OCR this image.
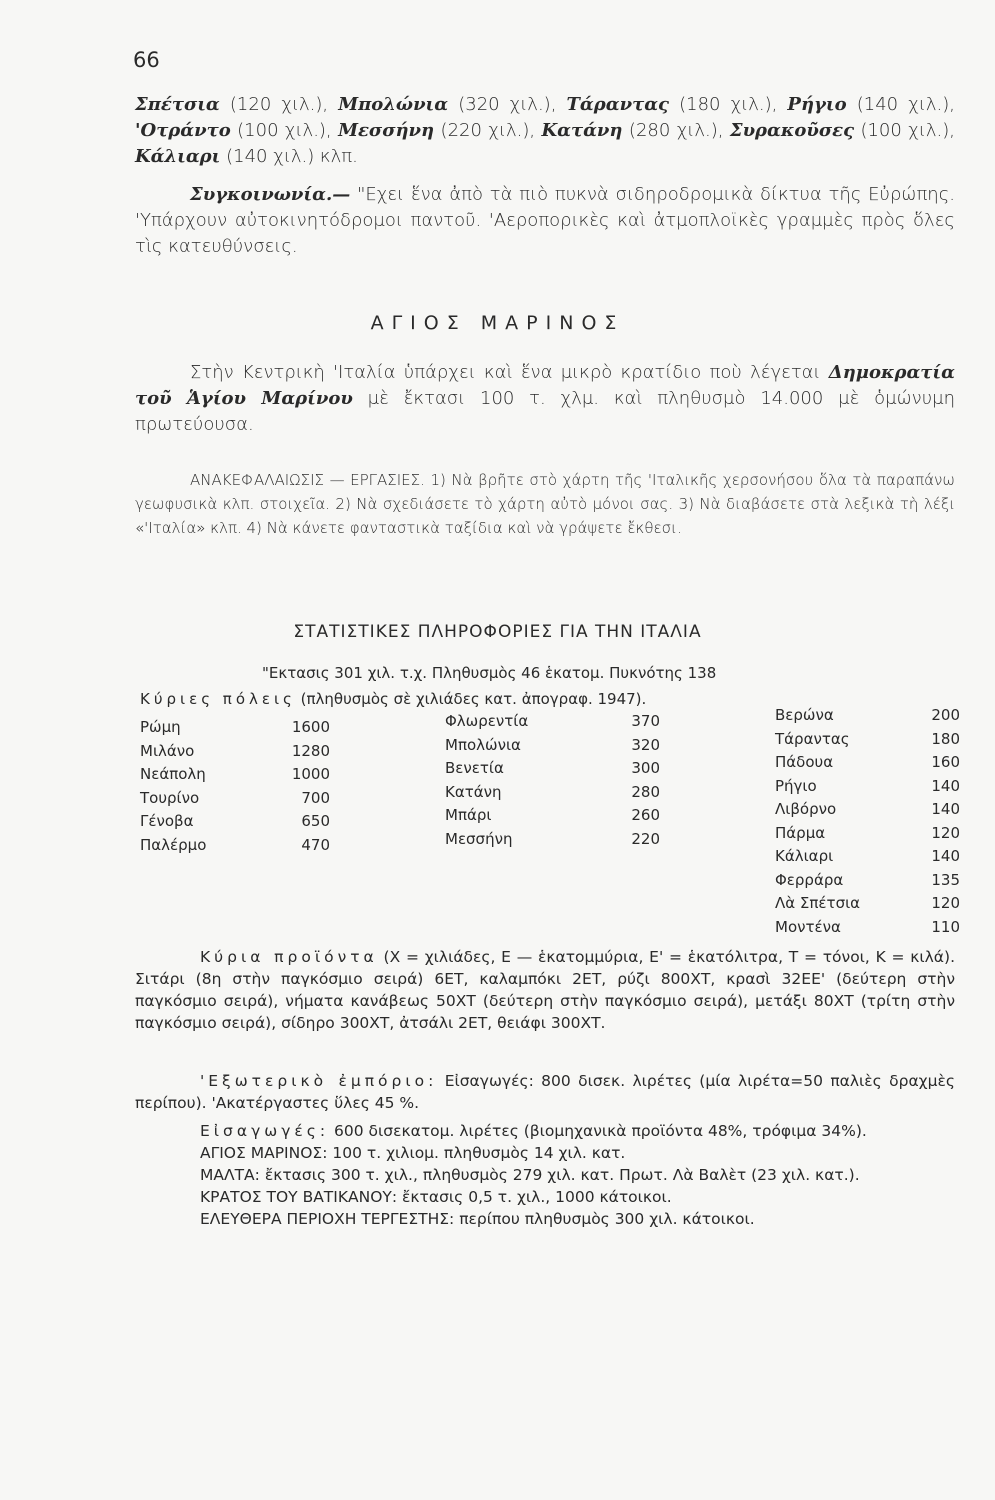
66
Σπέτσια (120 χιλ.), Μπολώνια (320 χιλ.), Τάραντας (180 χιλ.), Ρήγιο (140 χιλ.), 'Οτράντο (100 χιλ.), Μεσσήνη (220 χιλ.), Κατάνη (280 χιλ.), Συρακοῦσες (100 χιλ.), Κάλιαρι (140 χιλ.) κλπ.
Συγκοινωνία.— "Εχει ἕνα ἀπὸ τὰ πιὸ πυκνὰ σιδηροδρομικὰ δίκτυα τῆς Εὐρώπης. 'Υπάρχουν αὐτοκινητόδρομοι παντοῦ. 'Αεροπορικὲς καὶ ἀτμοπλοϊκὲς γραμμὲς πρὸς ὅλες τὶς κατευθύνσεις.
ΑΓΙΟΣ ΜΑΡΙΝΟΣ
Στὴν Κεντρικὴ 'Ιταλία ὑπάρχει καὶ ἕνα μικρὸ κρατίδιο ποὺ λέγεται Δημοκρατία τοῦ Ἁγίου Μαρίνου μὲ ἔκτασι 100 τ. χλμ. καὶ πληθυσμὸ 14.000 μὲ ὁμώνυμη πρωτεύουσα.
ΑΝΑΚΕΦΑΛΑΙΩΣΙΣ — ΕΡΓΑΣΙΕΣ. 1) Νὰ βρῆτε στὸ χάρτη τῆς 'Ιταλικῆς χερσονήσου ὅλα τὰ παραπάνω γεωφυσικὰ κλπ. στοιχεῖα. 2) Νὰ σχεδιάσετε τὸ χάρτη αὐτὸ μόνοι σας. 3) Νὰ διαβάσετε στὰ λεξικὰ τὴ λέξι «'Ιταλία» κλπ. 4) Νὰ κάνετε φανταστικὰ ταξίδια καὶ νὰ γράψετε ἔκθεσι.
ΣΤΑΤΙΣΤΙΚΕΣ ΠΛΗΡΟΦΟΡΙΕΣ ΓΙΑ ΤΗΝ ΙΤΑΛΙΑ
"Εκτασις 301 χιλ. τ.χ. Πληθυσμὸς 46 ἑκατομ. Πυκνότης 138
Κύριες πόλεις (πληθυσμὸς σὲ χιλιάδες κατ. ἀπογραφ. 1947).
Ρώμη	1600
Μιλάνο	1280
Νεάπολη	1000
Τουρίνο	700
Γένοβα	650
Παλέρμο	470
Φλωρεντία	370
Μπολώνια	320
Βενετία	300
Κατάνη	280
Μπάρι	260
Μεσσήνη	220
Βερώνα	200
Τάραντας	180
Πάδουα	160
Ρήγιο	140
Λιβόρνο	140
Πάρμα	120
Κάλιαρι	140
Φερράρα	135
Λὰ Σπέτσια	120
Μοντένα	110
Κύρια προϊόντα (Χ = χιλιάδες, Ε — ἑκατομμύρια, Ε' = ἑκατόλιτρα, Τ = τόνοι, Κ = κιλά). Σιτάρι (8η στὴν παγκόσμιο σειρά) 6ΕΤ, καλαμπόκι 2ΕΤ, ρύζι 800ΧΤ, κρασὶ 32ΕΕ' (δεύτερη στὴν παγκόσμιο σειρά), νήματα κανάβεως 50ΧΤ (δεύτερη στὴν παγκόσμιο σειρά), μετάξι 80ΧΤ (τρίτη στὴν παγκόσμιο σειρά), σίδηρο 300ΧΤ, ἀτσάλι 2ΕΤ, θειάφι 300ΧΤ.
'Εξωτερικὸ ἐμπόριο: Εἰσαγωγές: 800 δισεκ. λιρέτες (μία λιρέτα=50 παλιὲς δραχμὲς περίπου). 'Ακατέργαστες ὕλες 45 %.
Εἰσαγωγές: 600 δισεκατομ. λιρέτες (βιομηχανικὰ προϊόντα 48%, τρόφιμα 34%).
ΑΓΙΟΣ ΜΑΡΙΝΟΣ: 100 τ. χιλιομ. πληθυσμὸς 14 χιλ. κατ.
ΜΑΛΤΑ: ἔκτασις 300 τ. χιλ., πληθυσμὸς 279 χιλ. κατ. Πρωτ. Λὰ Βαλὲτ (23 χιλ. κατ.).
ΚΡΑΤΟΣ ΤΟΥ ΒΑΤΙΚΑΝΟΥ: ἔκτασις 0,5 τ. χιλ., 1000 κάτοικοι.
ΕΛΕΥΘΕΡΑ ΠΕΡΙΟΧΗ ΤΕΡΓΕΣΤΗΣ: περίπου πληθυσμὸς 300 χιλ. κάτοικοι.
